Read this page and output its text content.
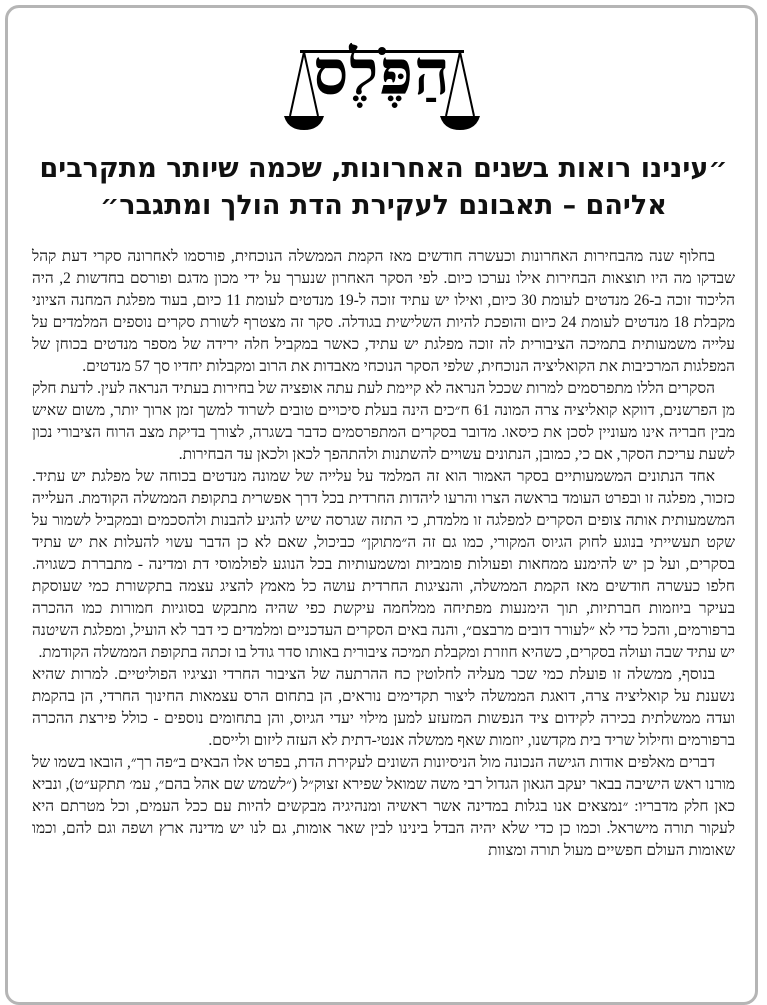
הַפֶּלֶס
״עינינו רואות בשנים האחרונות, שכמה שיותר מתקרבים
אליהם – תאבונם לעקירת הדת הולך ומתגבר״

בחלוף שנה מהבחירות האחרונות וכעשרה חודשים מאז הקמת הממשלה הנוכחית, פורסמו לאחרונה סקרי דעת קהל שבדקו מה היו תוצאות הבחירות אילו נערכו כיום. לפי הסקר האחרון שנערך על ידי מכון מדגם ופורסם בחדשות 2, היה הליכוד זוכה ב-26 מנדטים לעומת 30 כיום, ואילו יש עתיד זוכה ל-19 מנדטים לעומת 11 כיום, בעוד מפלגת המחנה הציוני מקבלת 18 מנדטים לעומת 24 כיום והופכת להיות השלישית בגודלה. סקר זה מצטרף לשורת סקרים נוספים המלמדים על עלייה משמעותית בתמיכה הציבורית לה זוכה מפלגת יש עתיד, כאשר במקביל חלה ירידה של מספר מנדטים בכוחן של המפלגות המרכיבות את הקואליציה הנוכחית, שלפי הסקר הנוכחי מאבדות את הרוב ומקבלות יחדיו סך 57 מנדטים.

הסקרים הללו מתפרסמים למרות שככל הנראה לא קיימת לעת עתה אופציה של בחירות בעתיד הנראה לעין. לדעת חלק מן הפרשנים, דווקא קואליציה צרה המונה 61 ח״כים הינה בעלת סיכויים טובים לשרוד למשך זמן ארוך יותר, משום שאיש מבין חבריה אינו מעוניין לסכן את כיסאו. מדובר בסקרים המתפרסמים כדבר בשגרה, לצורך בדיקת מצב הרוח הציבורי נכון לשעת עריכת הסקר, אם כי, כמובן, הנתונים עשויים להשתנות ולהתהפך לכאן ולכאן עד הבחירות.

אחד הנתונים המשמעותיים בסקר האמור הוא זה המלמד על עלייה של שמונה מנדטים בכוחה של מפלגת יש עתיד. כזכור, מפלגה זו ובפרט העומד בראשה הצרו והרעו ליהדות החרדית בכל דרך אפשרית בתקופת הממשלה הקודמת. העלייה המשמעותית אותה צופים הסקרים למפלגה זו מלמדת, כי התזה שגרסה שיש להגיע להבנות ולהסכמים ובמקביל לשמור על שקט תעשייתי בנוגע לחוק הגיוס המקורי, כמו גם זה ה״מתוקן״ כביכול, שאם לא כן הדבר עשוי להעלות את יש עתיד בסקרים, ועל כן יש להימנע ממחאות ופעולות פומביות ומשמעותיות בכל הנוגע לפולמוסי דת ומדינה - מתבררת כשגויה. חלפו כעשרה חודשים מאז הקמת הממשלה, והנציגות החרדית עושה כל מאמץ להציג עצמה בתקשורת כמי שעוסקת בעיקר ביוזמות חברתיות, תוך הימנעות מפתיחה ממלחמה עיקשת כפי שהיה מתבקש בסוגיות חמורות כמו ההכרה ברפורמים, והכל כדי לא ״לעורר דובים מרבצם״, והנה באים הסקרים העדכניים ומלמדים כי דבר לא הועיל, ומפלגת השיטנה יש עתיד שבה ועולה בסקרים, כשהיא חוזרת ומקבלת תמיכה ציבורית באותו סדר גודל בו זכתה בתקופת הממשלה הקודמת.

בנוסף, ממשלה זו פועלת כמי שכר מעליה לחלוטין כח ההרתעה של הציבור החרדי ונציגיו הפוליטיים. למרות שהיא נשענת על קואליציה צרה, דואגת הממשלה ליצור תקדימים נוראים, הן בתחום הרס עצמאות החינוך החרדי, הן בהקמת ועדה ממשלתית בכירה לקידום ציד הנפשות המזעזע למען מילוי יעדי הגיוס, והן בתחומים נוספים - כולל פירצת ההכרה ברפורמים וחילול שריד בית מקדשנו, יוזמות שאף ממשלה אנטי-דתית לא העזה ליזום ולייסם.

דברים מאלפים אודות הגישה הנכונה מול הניסיונות השונים לעקירת הדת, בפרט אלו הבאים ב״פה רך״, הובאו בשמו של מורנו ראש הישיבה בבאר יעקב הגאון הגדול רבי משה שמואל שפירא זצוק״ל (״לשמש שם אהל בהם״, עמ׳ תתקע״ט), ונביא כאן חלק מדבריו: ״נמצאים אנו בגלות במדינה אשר ראשיה ומנהיגיה מבקשים להיות עם ככל העמים, וכל מטרתם היא לעקור תורה מישראל. וכמו כן כדי שלא יהיה הבדל בינינו לבין שאר אומות, גם לנו יש מדינה ארץ ושפה וגם להם, וכמו שאומות העולם חפשיים מעול תורה ומצוות
